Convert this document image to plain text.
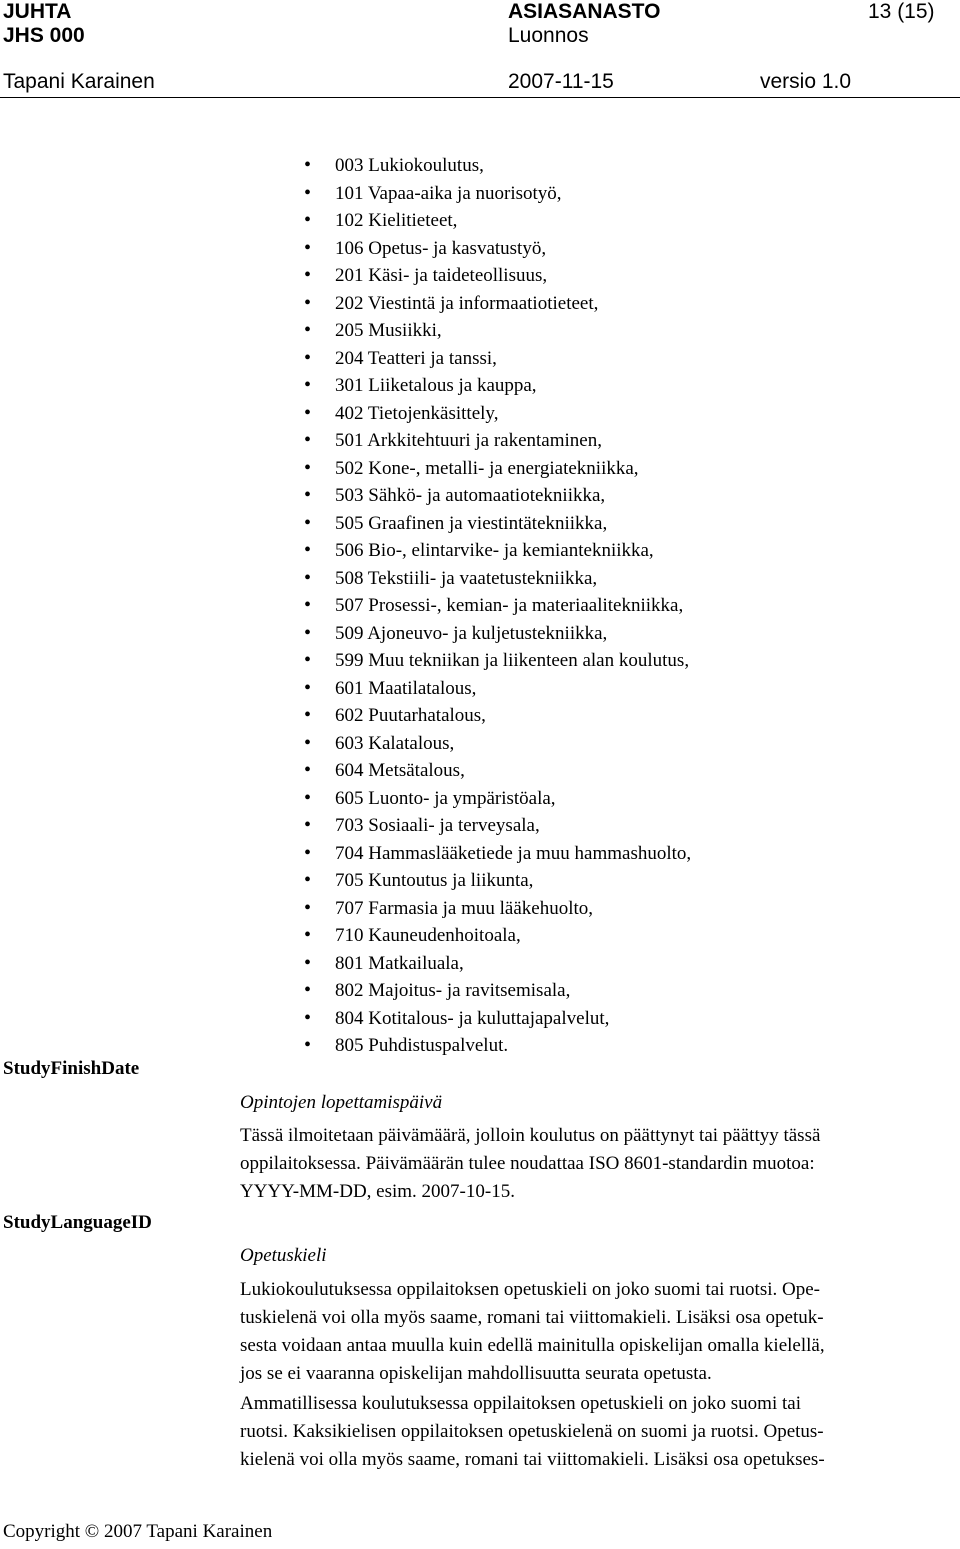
JUHTA
JHS 000
ASIASANASTO
Luonnos
13 (15)
Tapani Karainen	2007-11-15	versio 1.0
• 003 Lukiokoulutus,
• 101 Vapaa-aika ja nuorisotyö,
• 102 Kielitieteet,
• 106 Opetus- ja kasvatustyö,
• 201 Käsi- ja taideteollisuus,
• 202 Viestintä ja informaatiotieteet,
• 205 Musiikki,
• 204 Teatteri ja tanssi,
• 301 Liiketalous ja kauppa,
• 402 Tietojenkäsittely,
• 501 Arkkitehtuuri ja rakentaminen,
• 502 Kone-, metalli- ja energiatekniikka,
• 503 Sähkö- ja automaatiotekniikka,
• 505 Graafinen ja viestintätekniikka,
• 506 Bio-, elintarvike- ja kemiantekniikka,
• 508 Tekstiili- ja vaatetustekniikka,
• 507 Prosessi-, kemian- ja materiaalitekniikka,
• 509 Ajoneuvo- ja kuljetustekniikka,
• 599 Muu tekniikan ja liikenteen alan koulutus,
• 601 Maatilatalous,
• 602 Puutarhatalous,
• 603 Kalatalous,
• 604 Metsätalous,
• 605 Luonto- ja ympäristöala,
• 703 Sosiaali- ja terveysala,
• 704 Hammaslääketiede ja muu hammashuolto,
• 705 Kuntoutus ja liikunta,
• 707 Farmasia ja muu lääkehuolto,
• 710 Kauneudenhoitoala,
• 801 Matkailuala,
• 802 Majoitus- ja ravitsemisala,
• 804 Kotitalous- ja kuluttajapalvelut,
• 805 Puhdistuspalvelut.
StudyFinishDate
Opintojen lopettamispäivä
Tässä ilmoitetaan päivämäärä, jolloin koulutus on päättynyt tai päättyy tässä
oppilaitoksessa. Päivämäärän tulee noudattaa ISO 8601-standardin muotoa:
YYYY-MM-DD, esim. 2007-10-15.
StudyLanguageID
Opetuskieli
Lukiokoulutuksessa oppilaitoksen opetuskieli on joko suomi tai ruotsi. Ope-
tuskielenä voi olla myös saame, romani tai viittomakieli. Lisäksi osa opetuk-
sesta voidaan antaa muulla kuin edellä mainitulla opiskelijan omalla kielellä,
jos se ei vaaranna opiskelijan mahdollisuutta seurata opetusta.
Ammatillisessa koulutuksessa oppilaitoksen opetuskieli on joko suomi tai
ruotsi. Kaksikielisen oppilaitoksen opetuskielenä on suomi ja ruotsi. Opetus-
kielenä voi olla myös saame, romani tai viittomakieli. Lisäksi osa opetukses-
Copyright © 2007 Tapani Karainen
